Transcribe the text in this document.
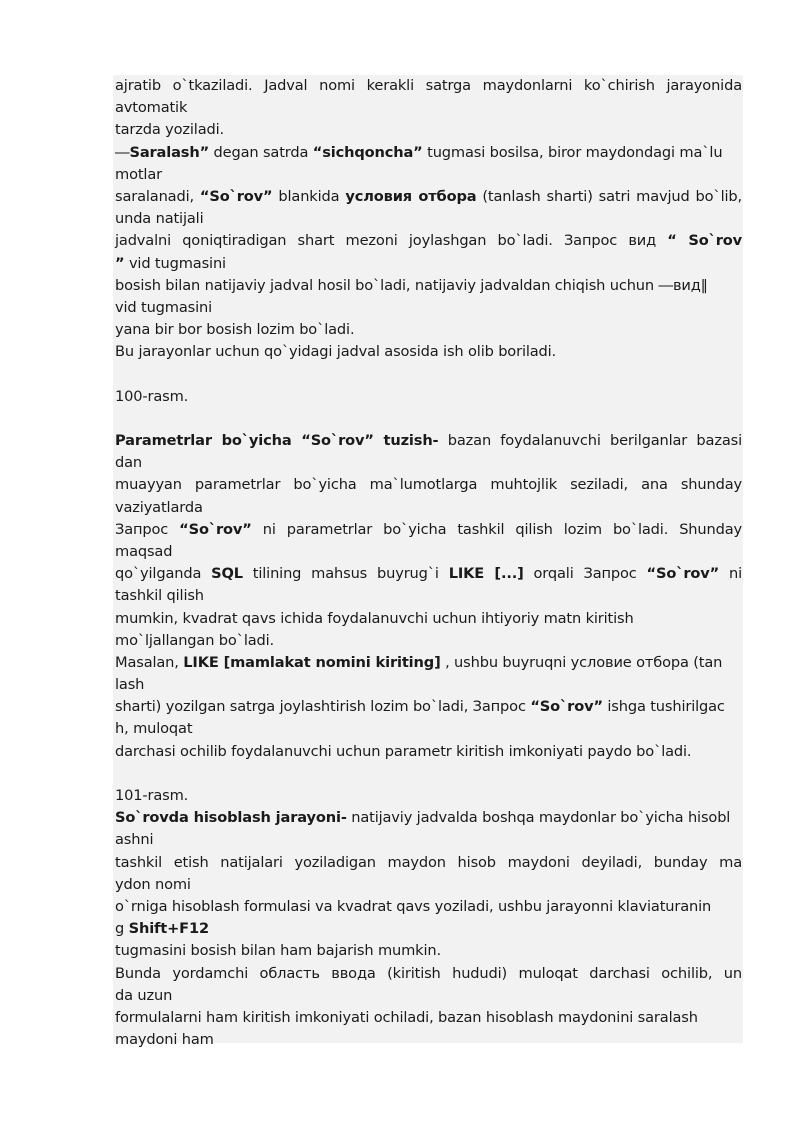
ajratib o`tkaziladi. Jadval nomi kerakli satrga maydonlarni ko`chirish jarayonida
avtomatik
tarzda yoziladi.
―Saralash” degan satrda “sichqoncha” tugmasi bosilsa, biror maydondagi ma`lu
motlar
saralanadi, “So`rov” blankida условия отбора (tanlash sharti) satri mavjud bo`lib,
unda natijali
jadvalni qoniqtiradigan shart mezoni joylashgan bo`ladi. Запрос вид “ So`rov
” vid tugmasini
bosish bilan natijaviy jadval hosil bo`ladi, natijaviy jadvaldan chiqish uchun ―вид‖
vid tugmasini
yana bir bor bosish lozim bo`ladi.
Bu jarayonlar uchun qo`yidagi jadval asosida ish olib boriladi.
100-rasm.
Parametrlar bo`yicha “So`rov” tuzish- bazan foydalanuvchi berilganlar bazasi
dan
muayyan parametrlar bo`yicha ma`lumotlarga muhtojlik seziladi, ana shunday
vaziyatlarda
Запрос “So`rov” ni parametrlar bo`yicha tashkil qilish lozim bo`ladi. Shunday
maqsad
qo`yilganda SQL tilining mahsus buyrug`i LIKE [...] orqali Запрос “So`rov” ni
tashkil qilish
mumkin, kvadrat qavs ichida foydalanuvchi uchun ihtiyoriy matn kiritish
mo`ljallangan bo`ladi.
Masalan, LIKE [mamlakat nomini kiriting] , ushbu buyruqni условие отбора (tan
lash
sharti) yozilgan satrga joylashtirish lozim bo`ladi, Запрос “So`rov” ishga tushirilgac
h, muloqat
darchasi ochilib foydalanuvchi uchun parametr kiritish imkoniyati paydo bo`ladi.
101-rasm.
So`rovda hisoblash jarayoni- natijaviy jadvalda boshqa maydonlar bo`yicha hisobl
ashni
tashkil etish natijalari yoziladigan maydon hisob maydoni deyiladi, bunday ma
ydon nomi
o`rniga hisoblash formulasi va kvadrat qavs yoziladi, ushbu jarayonni klaviaturanin
g Shift+F12
tugmasini bosish bilan ham bajarish mumkin.
Bunda yordamchi область ввода (kiritish hududi) muloqat darchasi ochilib, un
da uzun
formulalarni ham kiritish imkoniyati ochiladi, bazan hisoblash maydonini saralash
maydoni ham
